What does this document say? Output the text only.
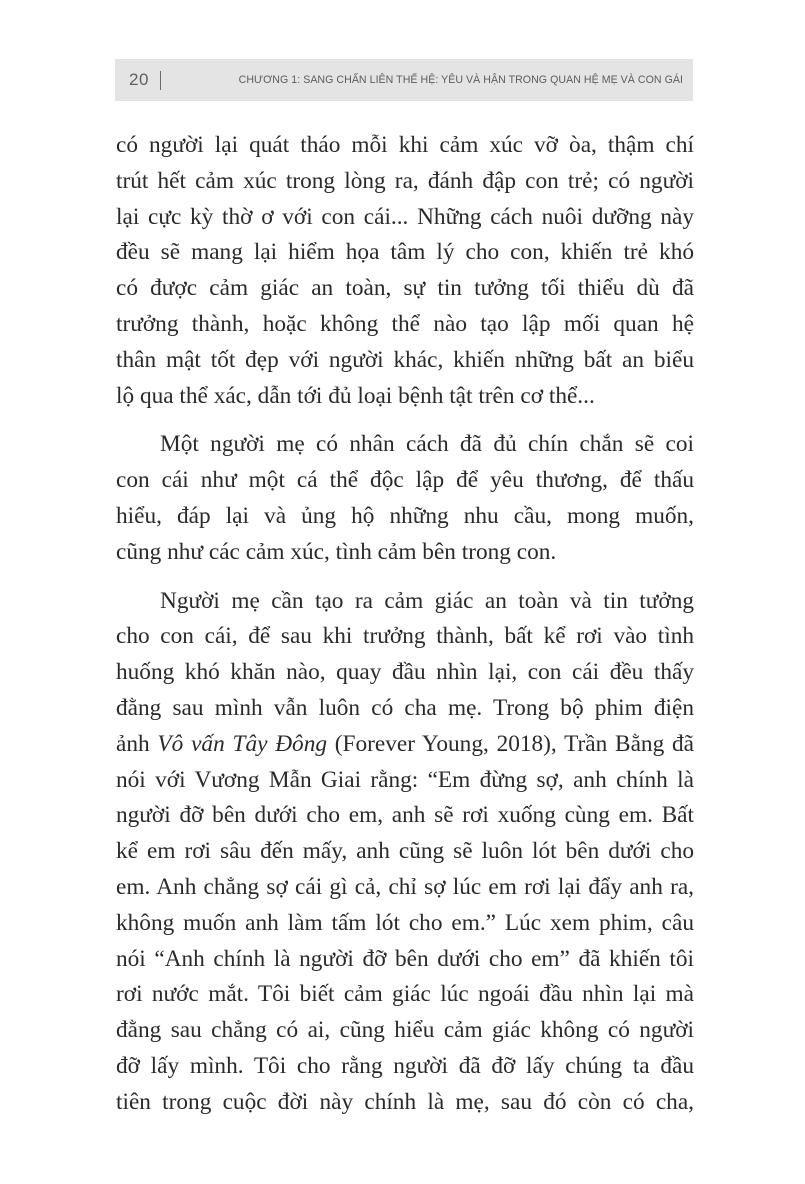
20	CHƯƠNG 1: SANG CHẤN LIÊN THẾ HỆ: YÊU VÀ HẬN TRONG QUAN HỆ MẸ VÀ CON GÁI
có người lại quát tháo mỗi khi cảm xúc vỡ òa, thậm chí
trút hết cảm xúc trong lòng ra, đánh đập con trẻ; có người
lại cực kỳ thờ ơ với con cái... Những cách nuôi dưỡng này
đều sẽ mang lại hiểm họa tâm lý cho con, khiến trẻ khó
có được cảm giác an toàn, sự tin tưởng tối thiểu dù đã
trưởng thành, hoặc không thể nào tạo lập mối quan hệ
thân mật tốt đẹp với người khác, khiến những bất an biểu
lộ qua thể xác, dẫn tới đủ loại bệnh tật trên cơ thể...
Một người mẹ có nhân cách đã đủ chín chắn sẽ coi
con cái như một cá thể độc lập để yêu thương, để thấu
hiểu, đáp lại và ủng hộ những nhu cầu, mong muốn,
cũng như các cảm xúc, tình cảm bên trong con.
Người mẹ cần tạo ra cảm giác an toàn và tin tưởng
cho con cái, để sau khi trưởng thành, bất kể rơi vào tình
huống khó khăn nào, quay đầu nhìn lại, con cái đều thấy
đằng sau mình vẫn luôn có cha mẹ. Trong bộ phim điện
ảnh Vô vấn Tây Đông (Forever Young, 2018), Trần Bằng đã
nói với Vương Mẫn Giai rằng: “Em đừng sợ, anh chính là
người đỡ bên dưới cho em, anh sẽ rơi xuống cùng em. Bất
kể em rơi sâu đến mấy, anh cũng sẽ luôn lót bên dưới cho
em. Anh chẳng sợ cái gì cả, chỉ sợ lúc em rơi lại đẩy anh ra,
không muốn anh làm tấm lót cho em.” Lúc xem phim, câu
nói “Anh chính là người đỡ bên dưới cho em” đã khiến tôi
rơi nước mắt. Tôi biết cảm giác lúc ngoái đầu nhìn lại mà
đằng sau chẳng có ai, cũng hiểu cảm giác không có người
đỡ lấy mình. Tôi cho rằng người đã đỡ lấy chúng ta đầu
tiên trong cuộc đời này chính là mẹ, sau đó còn có cha,
